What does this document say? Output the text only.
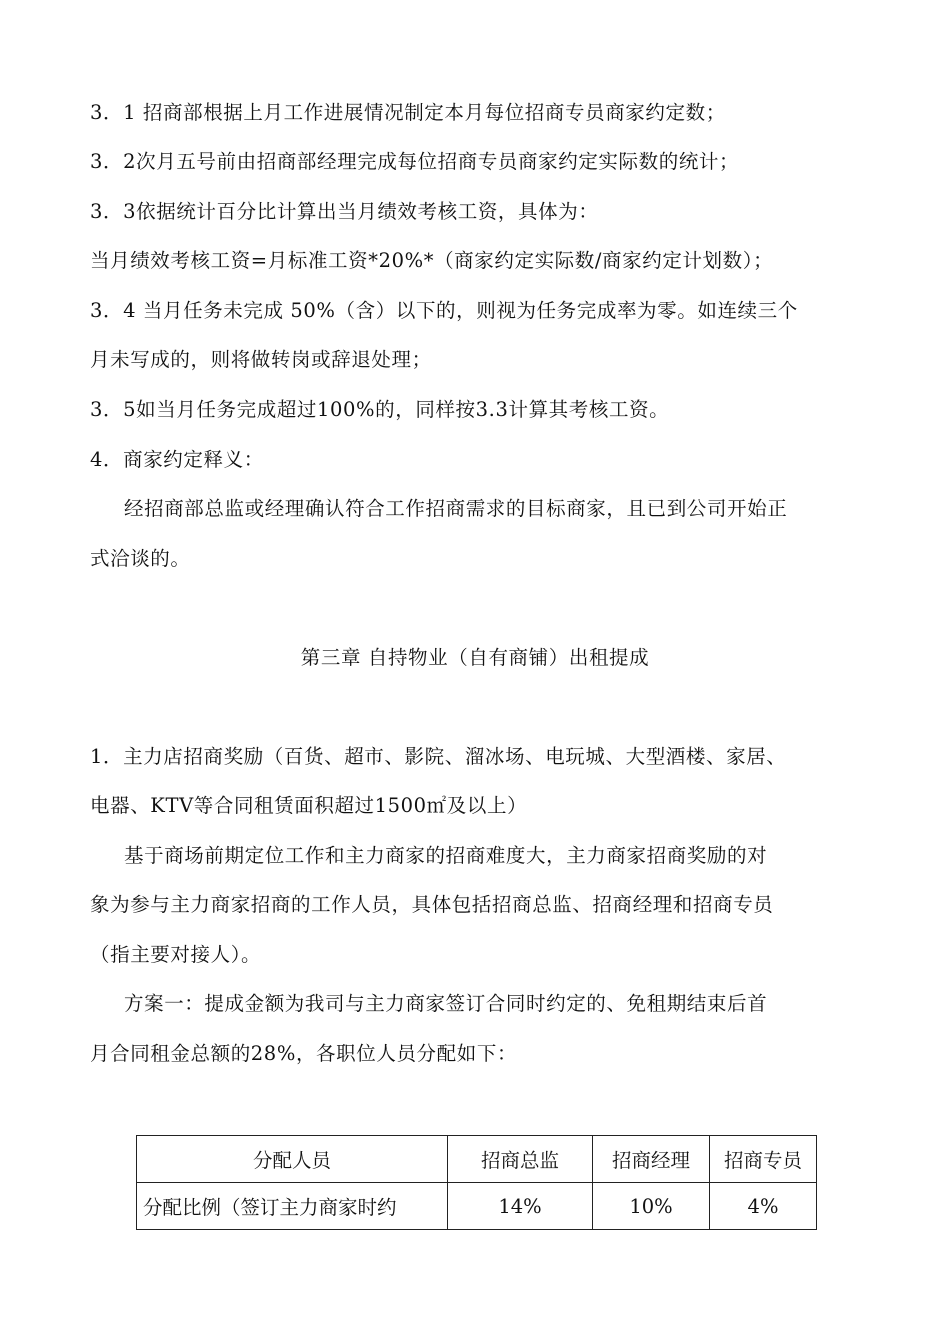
3．1 招商部根据上月工作进展情况制定本月每位招商专员商家约定数；
3．2次月五号前由招商部经理完成每位招商专员商家约定实际数的统计；
3．3依据统计百分比计算出当月绩效考核工资，具体为：
当月绩效考核工资=月标准工资*20%*（商家约定实际数/商家约定计划数）；
3．4 当月任务未完成 50%（含）以下的，则视为任务完成率为零。如连续三个
月未写成的，则将做转岗或辞退处理；
3．5如当月任务完成超过100%的，同样按3.3计算其考核工资。
4．商家约定释义：
经招商部总监或经理确认符合工作招商需求的目标商家，且已到公司开始正
式洽谈的。
第三章 自持物业（自有商铺）出租提成
1．主力店招商奖励（百货、超市、影院、溜冰场、电玩城、大型酒楼、家居、
电器、KTV等合同租赁面积超过1500㎡及以上）
基于商场前期定位工作和主力商家的招商难度大，主力商家招商奖励的对
象为参与主力商家招商的工作人员，具体包括招商总监、招商经理和招商专员
（指主要对接人）。
方案一：提成金额为我司与主力商家签订合同时约定的、免租期结束后首
月合同租金总额的28%，各职位人员分配如下：
分配人员	招商总监	招商经理	招商专员
分配比例（签订主力商家时约	14%	10%	4%
